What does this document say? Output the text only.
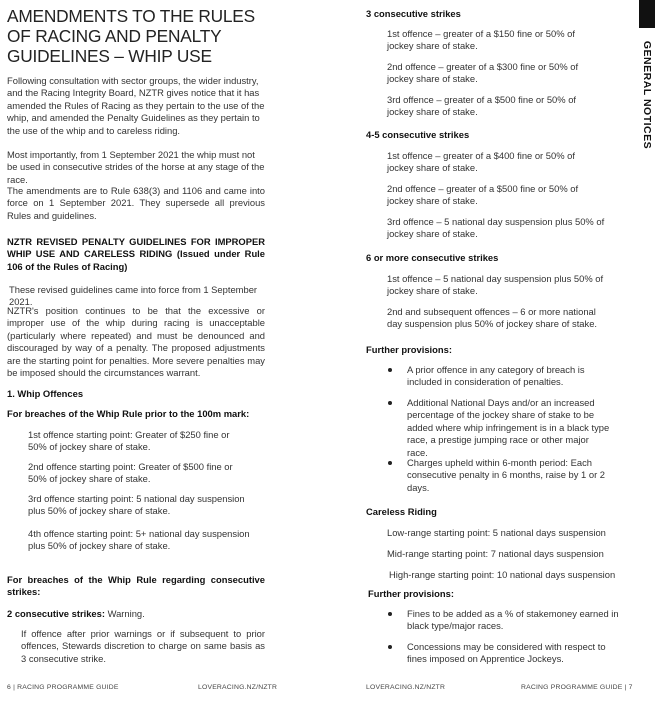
AMENDMENTS TO THE RULES OF RACING AND PENALTY GUIDELINES – WHIP USE

Following consultation with sector groups, the wider industry, and the Racing Integrity Board, NZTR gives notice that it has amended the Rules of Racing as they pertain to the use of the whip, and amended the Penalty Guidelines as they pertain to the use of the whip and to careless riding.

Most importantly, from 1 September 2021 the whip must not be used in consecutive strides of the horse at any stage of the race.

The amendments are to Rule 638(3) and 1106 and came into force on 1 September 2021. They supersede all previous Rules and guidelines.

NZTR REVISED PENALTY GUIDELINES FOR IMPROPER WHIP USE AND CARELESS RIDING (Issued under Rule 106 of the Rules of Racing)

These revised guidelines came into force from 1 September 2021.

NZTR's position continues to be that the excessive or improper use of the whip during racing is unacceptable (particularly where repeated) and must be denounced and discouraged by way of a penalty. The proposed adjustments are the starting point for penalties. More severe penalties may be imposed should the circumstances warrant.

1. Whip Offences

For breaches of the Whip Rule prior to the 100m mark:

1st offence starting point: Greater of $250 fine or 50% of jockey share of stake.

2nd offence starting point: Greater of $500 fine or 50% of jockey share of stake.

3rd offence starting point: 5 national day suspension plus 50% of jockey share of stake.

4th offence starting point: 5+ national day suspension plus 50% of jockey share of stake.

For breaches of the Whip Rule regarding consecutive strikes:

2 consecutive strikes: Warning.

If offence after prior warnings or if subsequent to prior offences, Stewards discretion to charge on same basis as 3 consecutive strike.

6 | RACING PROGRAMME GUIDE	LOVERACING.NZ/NZTR

3 consecutive strikes

1st offence – greater of a $150 fine or 50% of jockey share of stake.

2nd offence – greater of a $300 fine or 50% of jockey share of stake.

3rd offence – greater of a $500 fine or 50% of jockey share of stake.

4-5 consecutive strikes

1st offence – greater of a $400 fine or 50% of jockey share of stake.

2nd offence – greater of a $500 fine or 50% of jockey share of stake.

3rd offence – 5 national day suspension plus 50% of jockey share of stake.

6 or more consecutive strikes

1st offence – 5 national day suspension plus 50% of jockey share of stake.

2nd and subsequent offences – 6 or more national day suspension plus 50% of jockey share of stake.

Further provisions:

A prior offence in any category of breach is included in consideration of penalties.

Additional National Days and/or an increased percentage of the jockey share of stake to be added where whip infringement is in a black type race, a prestige jumping race or other major race.

Charges upheld within 6-month period: Each consecutive penalty in 6 months, raise by 1 or 2 days.

Careless Riding

Low-range starting point: 5 national days suspension

Mid-range starting point: 7 national days suspension

High-range starting point: 10 national days suspension

Further provisions:

Fines to be added as a % of stakemoney earned in black type/major races.

Concessions may be considered with respect to fines imposed on Apprentice Jockeys.

LOVERACING.NZ/NZTR	RACING PROGRAMME GUIDE | 7
GENERAL NOTICES
